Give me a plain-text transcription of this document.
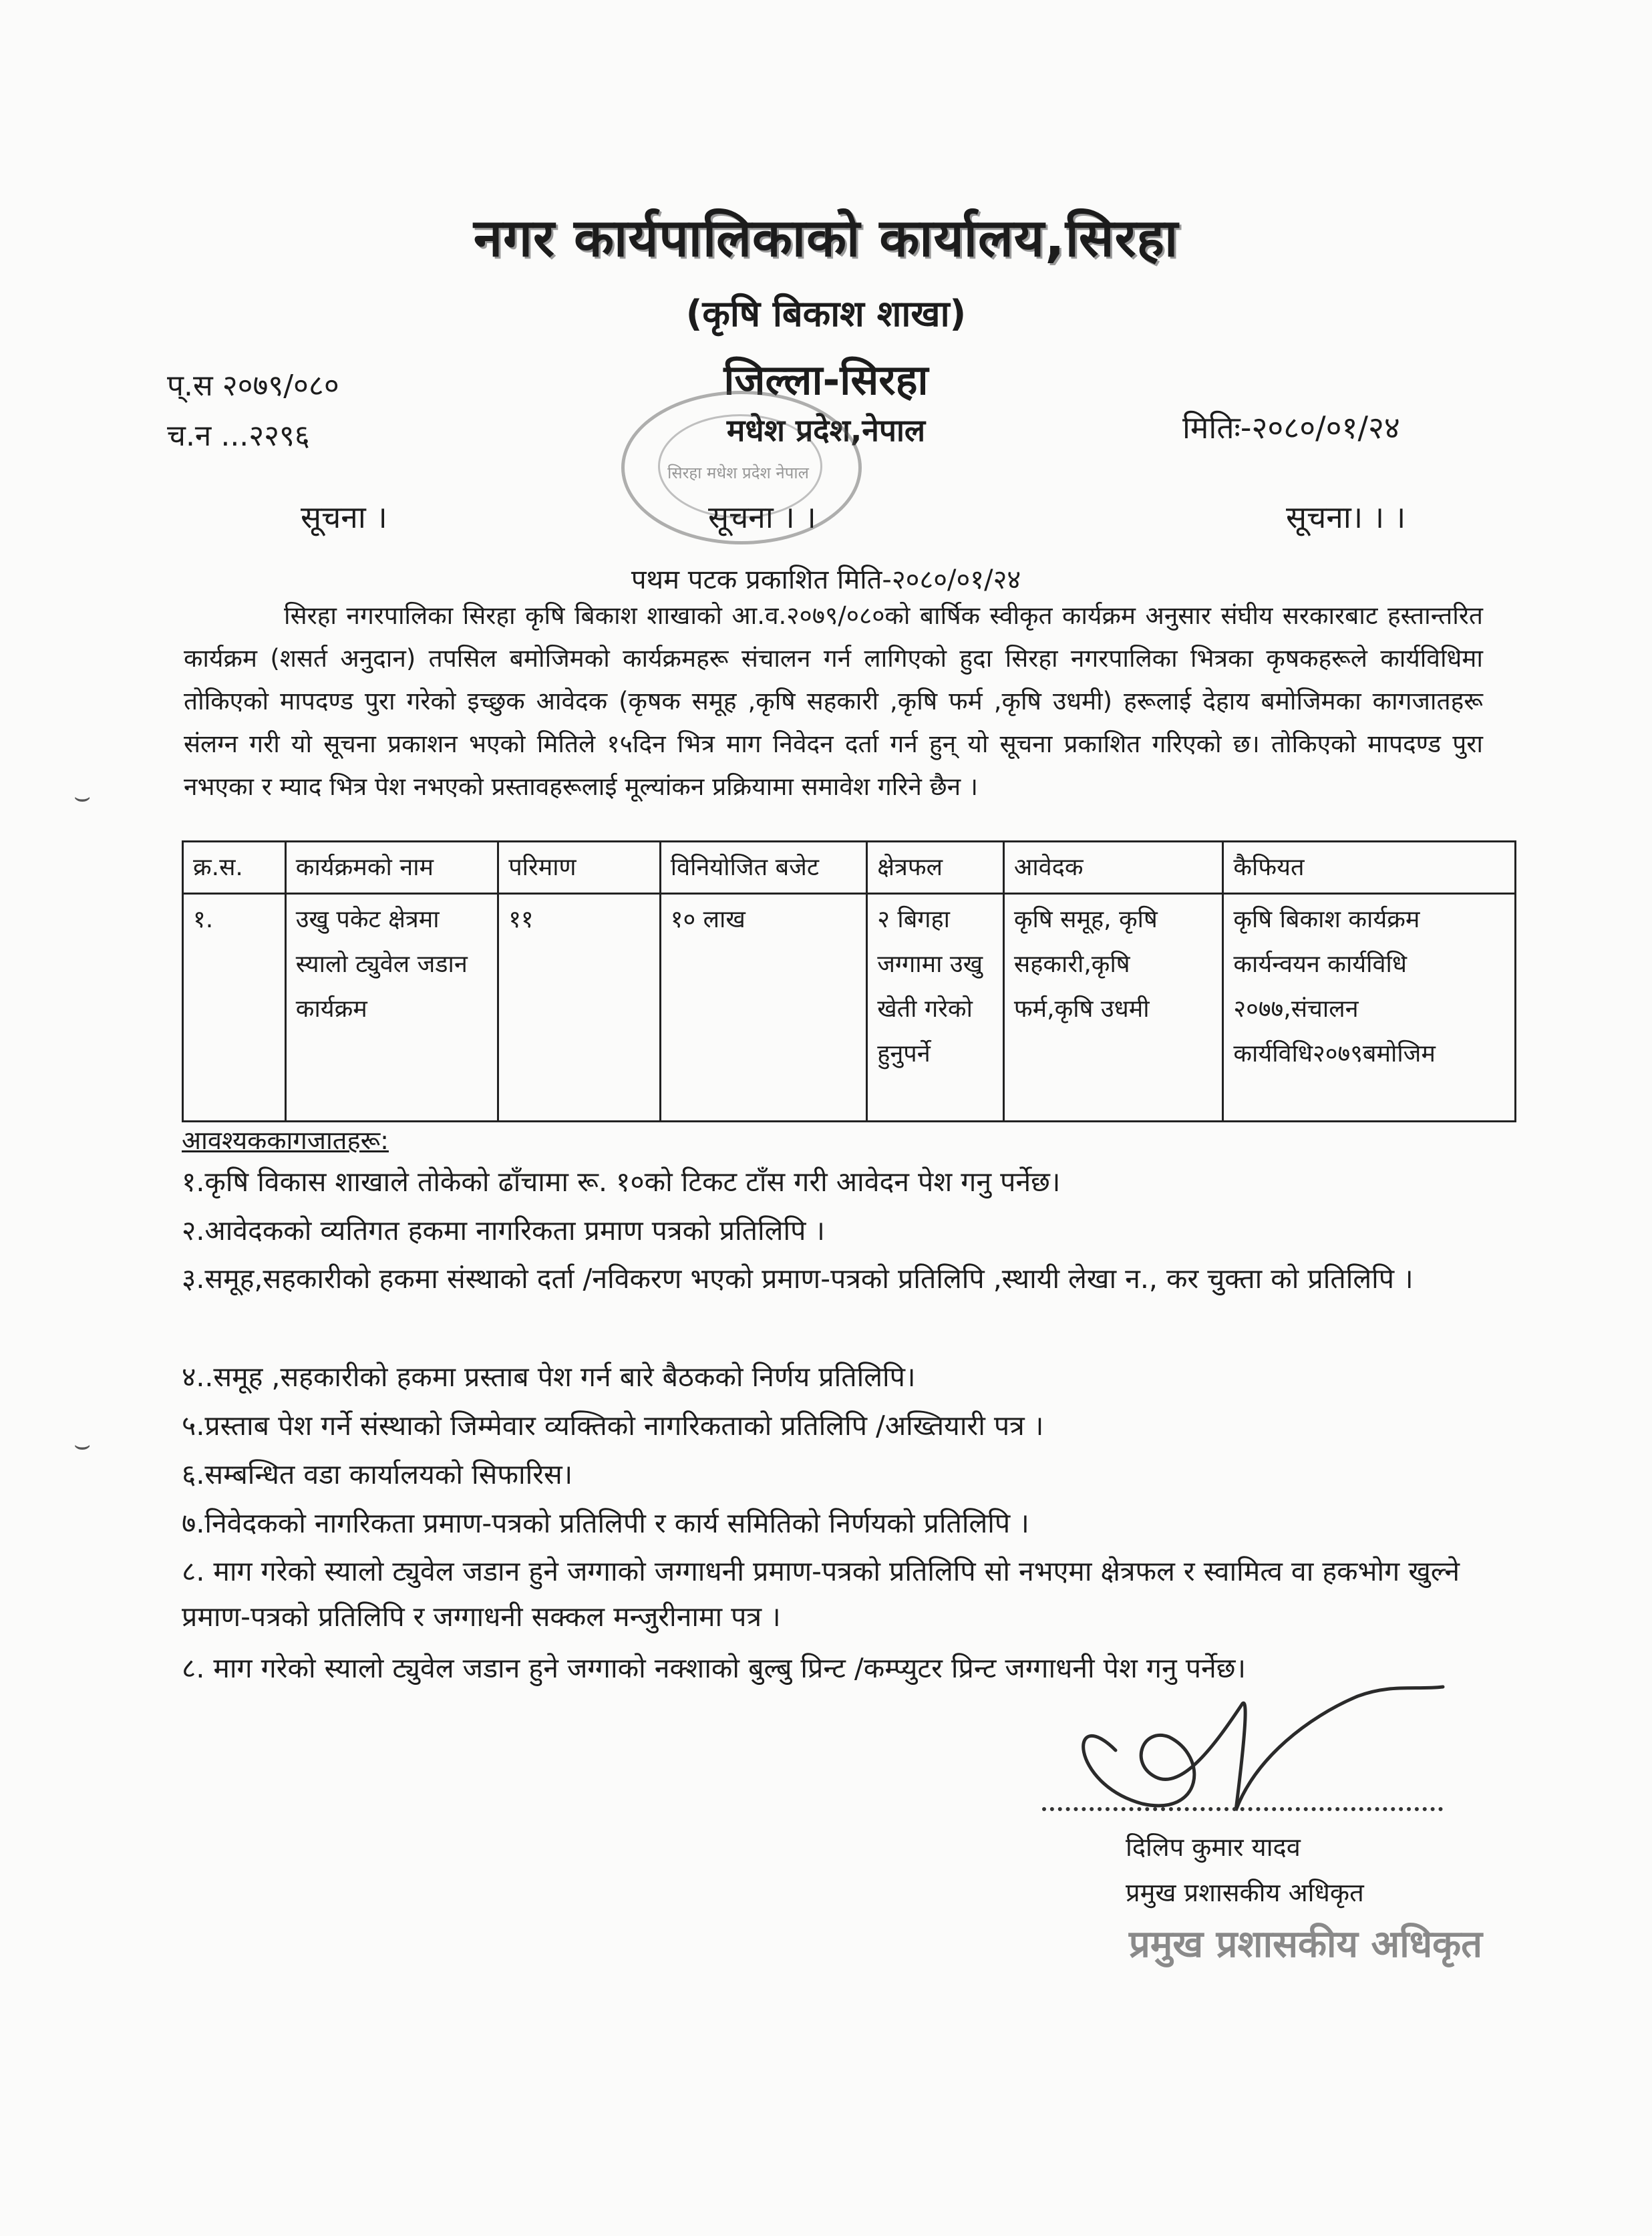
नगर कार्यपालिकाको कार्यालय,सिरहा
(कृषि बिकाश शाखा)
जिल्ला-सिरहा
मधेश प्रदेश,नेपाल
सिरहा मधेश प्रदेश नेपाल
प्.स २०७९/०८०
च.न ...२२९६	मितिः-२०८०/०१/२४
सूचना ।	सूचना । ।	सूचना। । ।
पथम पटक प्रकाशित मिति-२०८०/०१/२४
सिरहा नगरपालिका सिरहा कृषि बिकाश शाखाको आ.व.२०७९/०८०को बार्षिक स्वीकृत कार्यक्रम अनुसार संघीय सरकारबाट हस्तान्तरित कार्यक्रम (शसर्त अनुदान) तपसिल बमोजिमको कार्यक्रमहरू संचालन गर्न लागिएको हुदा सिरहा नगरपालिका भित्रका कृषकहरूले कार्यविधिमा तोकिएको मापदण्ड पुरा गरेको इच्छुक आवेदक (कृषक समूह ,कृषि सहकारी ,कृषि फर्म ,कृषि उधमी) हरूलाई देहाय बमोजिमका कागजातहरू संलग्न गरी यो सूचना प्रकाशन भएको मितिले १५दिन भित्र माग निवेदन दर्ता गर्न हुन् यो सूचना प्रकाशित गरिएको छ। तोकिएको मापदण्ड पुरा नभएका र म्याद भित्र पेश नभएको प्रस्तावहरूलाई मूल्यांकन प्रक्रियामा समावेश गरिने छैन ।
क्र.स.	कार्यक्रमको नाम	परिमाण	विनियोजित बजेट	क्षेत्रफल	आवेदक	कैफियत
१.	उखु पकेट क्षेत्रमा स्यालो ट्युवेल जडान कार्यक्रम	११	१० लाख	२ बिगहा जग्गामा उखु खेती गरेको हुनुपर्ने	कृषि समूह, कृषि सहकारी,कृषि फर्म,कृषि उधमी	कृषि बिकाश कार्यक्रम कार्यन्वयन कार्यविधि २०७७,संचालन कार्यविधि२०७९बमोजिम
आवश्यककागजातहरू:
१.कृषि विकास शाखाले तोकेको ढाँचामा रू. १०को टिकट टाँस गरी आवेदन पेश गनु पर्नेछ।
२.आवेदकको व्यतिगत हकमा नागरिकता प्रमाण पत्रको प्रतिलिपि ।
३.समूह,सहकारीको हकमा संस्थाको दर्ता /नविकरण भएको प्रमाण-पत्रको प्रतिलिपि ,स्थायी लेखा न., कर चुक्ता को प्रतिलिपि ।
४..समूह ,सहकारीको हकमा प्रस्ताब पेश गर्न बारे बैठकको निर्णय प्रतिलिपि।
५.प्रस्ताब पेश गर्ने संस्थाको जिम्मेवार व्यक्तिको नागरिकताको प्रतिलिपि /अख्तियारी पत्र ।
६.सम्बन्धित वडा कार्यालयको सिफारिस।
७.निवेदकको नागरिकता प्रमाण-पत्रको प्रतिलिपी र कार्य समितिको निर्णयको प्रतिलिपि ।
८. माग गरेको स्यालो ट्युवेल जडान हुने जग्गाको जग्गाधनी प्रमाण-पत्रको प्रतिलिपि सो नभएमा क्षेत्रफल र स्वामित्व वा हकभोग खुल्ने प्रमाण-पत्रको प्रतिलिपि र जग्गाधनी सक्कल मन्जुरीनामा पत्र ।
८. माग गरेको स्यालो ट्युवेल जडान हुने जग्गाको नक्शाको बुल्बु प्रिन्ट /कम्प्युटर प्रिन्ट जग्गाधनी पेश गनु पर्नेछ।
दिलिप कुमार यादव
प्रमुख प्रशासकीय अधिकृत
प्रमुख प्रशासकीय अधिकृत
⌣
⌣
